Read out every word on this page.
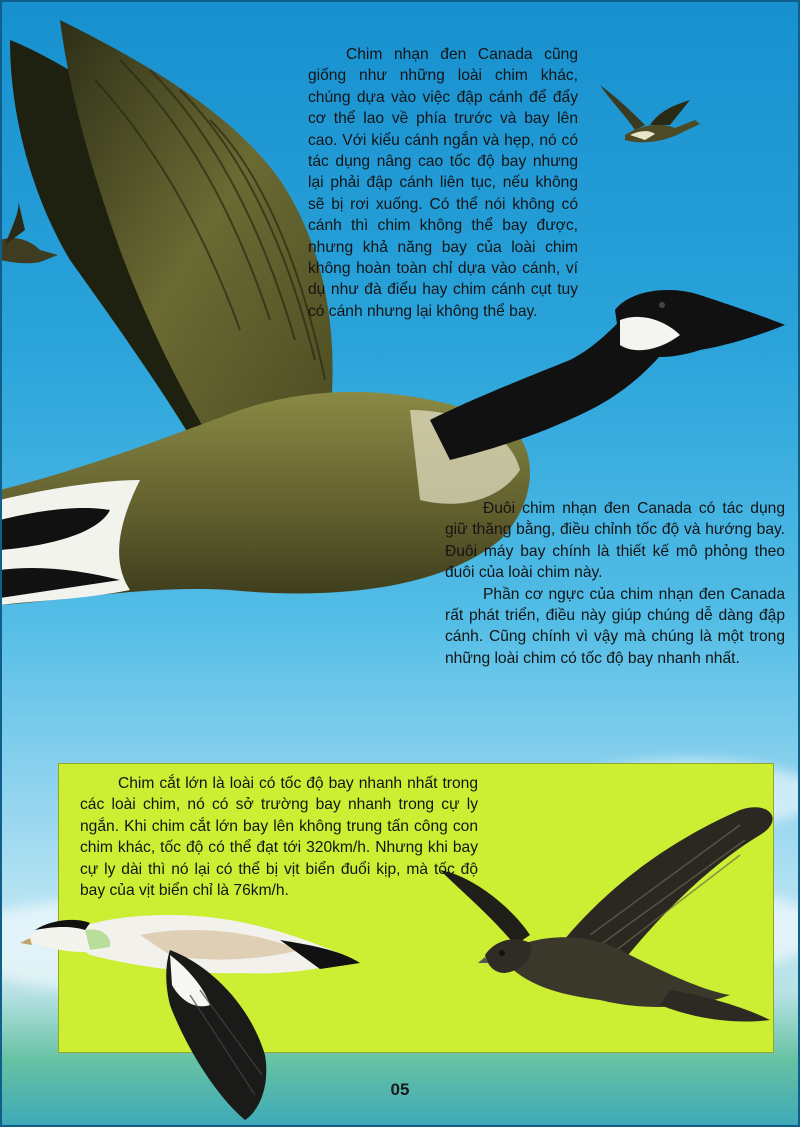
Chim nhạn đen Canada cũng giống như những loài chim khác, chúng dựa vào việc đập cánh để đẩy cơ thể lao về phía trước và bay lên cao. Với kiểu cánh ngắn và hẹp, nó có tác dụng nâng cao tốc độ bay nhưng lại phải đập cánh liên tục, nếu không sẽ bị rơi xuống. Có thể nói không có cánh thì chim không thể bay được, nhưng khả năng bay của loài chim không hoàn toàn chỉ dựa vào cánh, ví dụ như đà điểu hay chim cánh cụt tuy có cánh nhưng lại không thể bay.

Đuôi chim nhạn đen Canada có tác dụng giữ thăng bằng, điều chỉnh tốc độ và hướng bay. Đuôi máy bay chính là thiết kế mô phỏng theo đuôi của loài chim này.

Phần cơ ngực của chim nhạn đen Canada rất phát triển, điều này giúp chúng dễ dàng đập cánh. Cũng chính vì vậy mà chúng là một trong những loài chim có tốc độ bay nhanh nhất.

Chim cắt lớn là loài có tốc độ bay nhanh nhất trong các loài chim, nó có sở trường bay nhanh trong cự ly ngắn. Khi chim cắt lớn bay lên không trung tấn công con chim khác, tốc độ có thể đạt tới 320km/h. Nhưng khi bay cự ly dài thì nó lại có thể bị vịt biển đuổi kịp, mà tốc độ bay của vịt biển chỉ là 76km/h.

05
